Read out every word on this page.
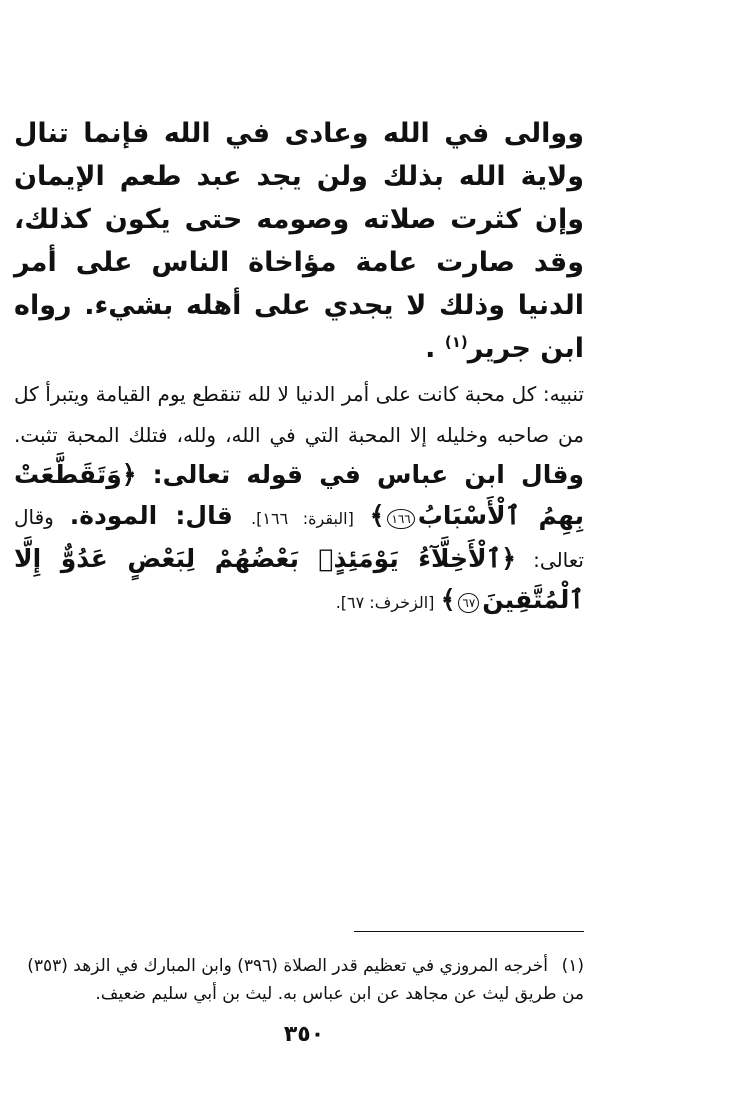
ووالى في الله وعادى في الله فإنما تنال ولاية الله بذلك ولن يجد عبد طعم الإيمان وإن كثرت صلاته وصومه حتى يكون كذلك، وقد صارت عامة مؤاخاة الناس على أمر الدنيا وذلك لا يجدي على أهله بشيء. رواه ابن جرير$^{(١)}$ .

تنبيه: كل محبة كانت على أمر الدنيا لا لله تنقطع يوم القيامة ويتبرأ كل من صاحبه وخليله إلا المحبة التي في الله، ولله، فتلك المحبة تثبت. وقال ابن عباس في قوله تعالى: ﴿وَتَقَطَّعَتْ بِهِمُ ٱلْأَسْبَابُ١٦٦﴾ [البقرة: ١٦٦]. قال: المودة. وقال تعالى: ﴿ٱلْأَخِلَّآءُ يَوْمَئِذٍۭ بَعْضُهُمْ لِبَعْضٍ عَدُوٌّ إِلَّا ٱلْمُتَّقِينَ٦٧﴾ [الزخرف: ٦٧].

(١)أخرجه المروزي في تعظيم قدر الصلاة (٣٩٦) وابن المبارك في الزهد (٣٥٣) من طريق ليث عن مجاهد عن ابن عباس به. ليث بن أبي سليم ضعيف.
٣٥٠
